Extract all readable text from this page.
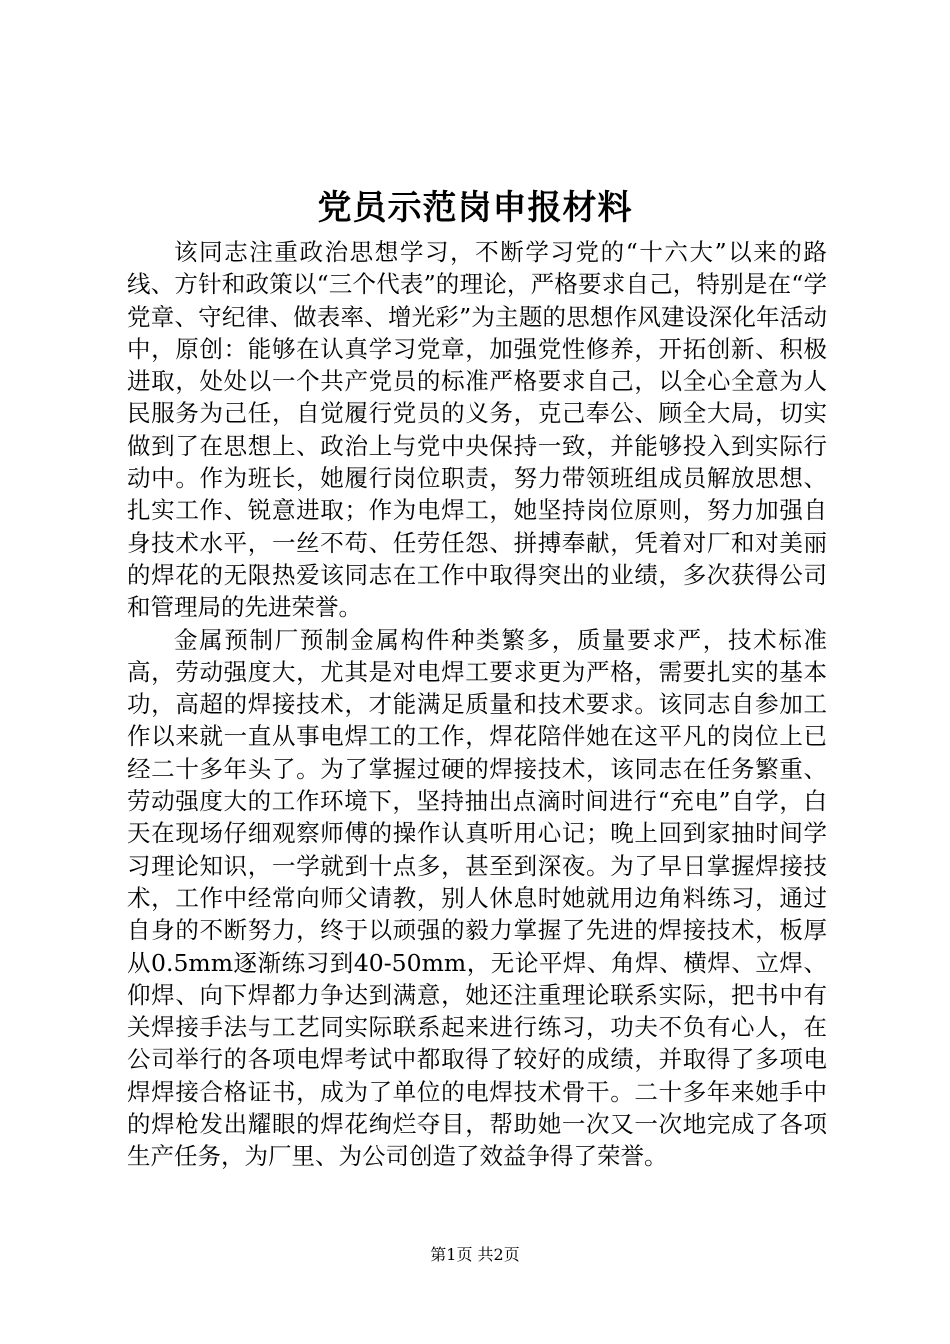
党员示范岗申报材料

该同志注重政治思想学习，不断学习党的“十六大”以来的路线、方针和政策以“三个代表”的理论，严格要求自己，特别是在“学党章、守纪律、做表率、增光彩”为主题的思想作风建设深化年活动中，原创：能够在认真学习党章，加强党性修养，开拓创新、积极进取，处处以一个共产党员的标准严格要求自己，以全心全意为人民服务为己任，自觉履行党员的义务，克己奉公、顾全大局，切实做到了在思想上、政治上与党中央保持一致，并能够投入到实际行动中。作为班长，她履行岗位职责，努力带领班组成员解放思想、扎实工作、锐意进取；作为电焊工，她坚持岗位原则，努力加强自身技术水平，一丝不苟、任劳任怨、拼搏奉献，凭着对厂和对美丽的焊花的无限热爱该同志在工作中取得突出的业绩，多次获得公司和管理局的先进荣誉。

金属预制厂预制金属构件种类繁多，质量要求严，技术标准高，劳动强度大，尤其是对电焊工要求更为严格，需要扎实的基本功，高超的焊接技术，才能满足质量和技术要求。该同志自参加工作以来就一直从事电焊工的工作，焊花陪伴她在这平凡的岗位上已经二十多年头了。为了掌握过硬的焊接技术，该同志在任务繁重、劳动强度大的工作环境下，坚持抽出点滴时间进行“充电”自学，白天在现场仔细观察师傅的操作认真听用心记；晚上回到家抽时间学习理论知识，一学就到十点多，甚至到深夜。为了早日掌握焊接技术，工作中经常向师父请教，别人休息时她就用边角料练习，通过自身的不断努力，终于以顽强的毅力掌握了先进的焊接技术，板厚从0.5mm逐渐练习到40-50mm，无论平焊、角焊、横焊、立焊、仰焊、向下焊都力争达到满意，她还注重理论联系实际，把书中有关焊接手法与工艺同实际联系起来进行练习，功夫不负有心人，在公司举行的各项电焊考试中都取得了较好的成绩，并取得了多项电焊焊接合格证书，成为了单位的电焊技术骨干。二十多年来她手中的焊枪发出耀眼的焊花绚烂夺目，帮助她一次又一次地完成了各项生产任务，为厂里、为公司创造了效益争得了荣誉。

第1页 共2页
